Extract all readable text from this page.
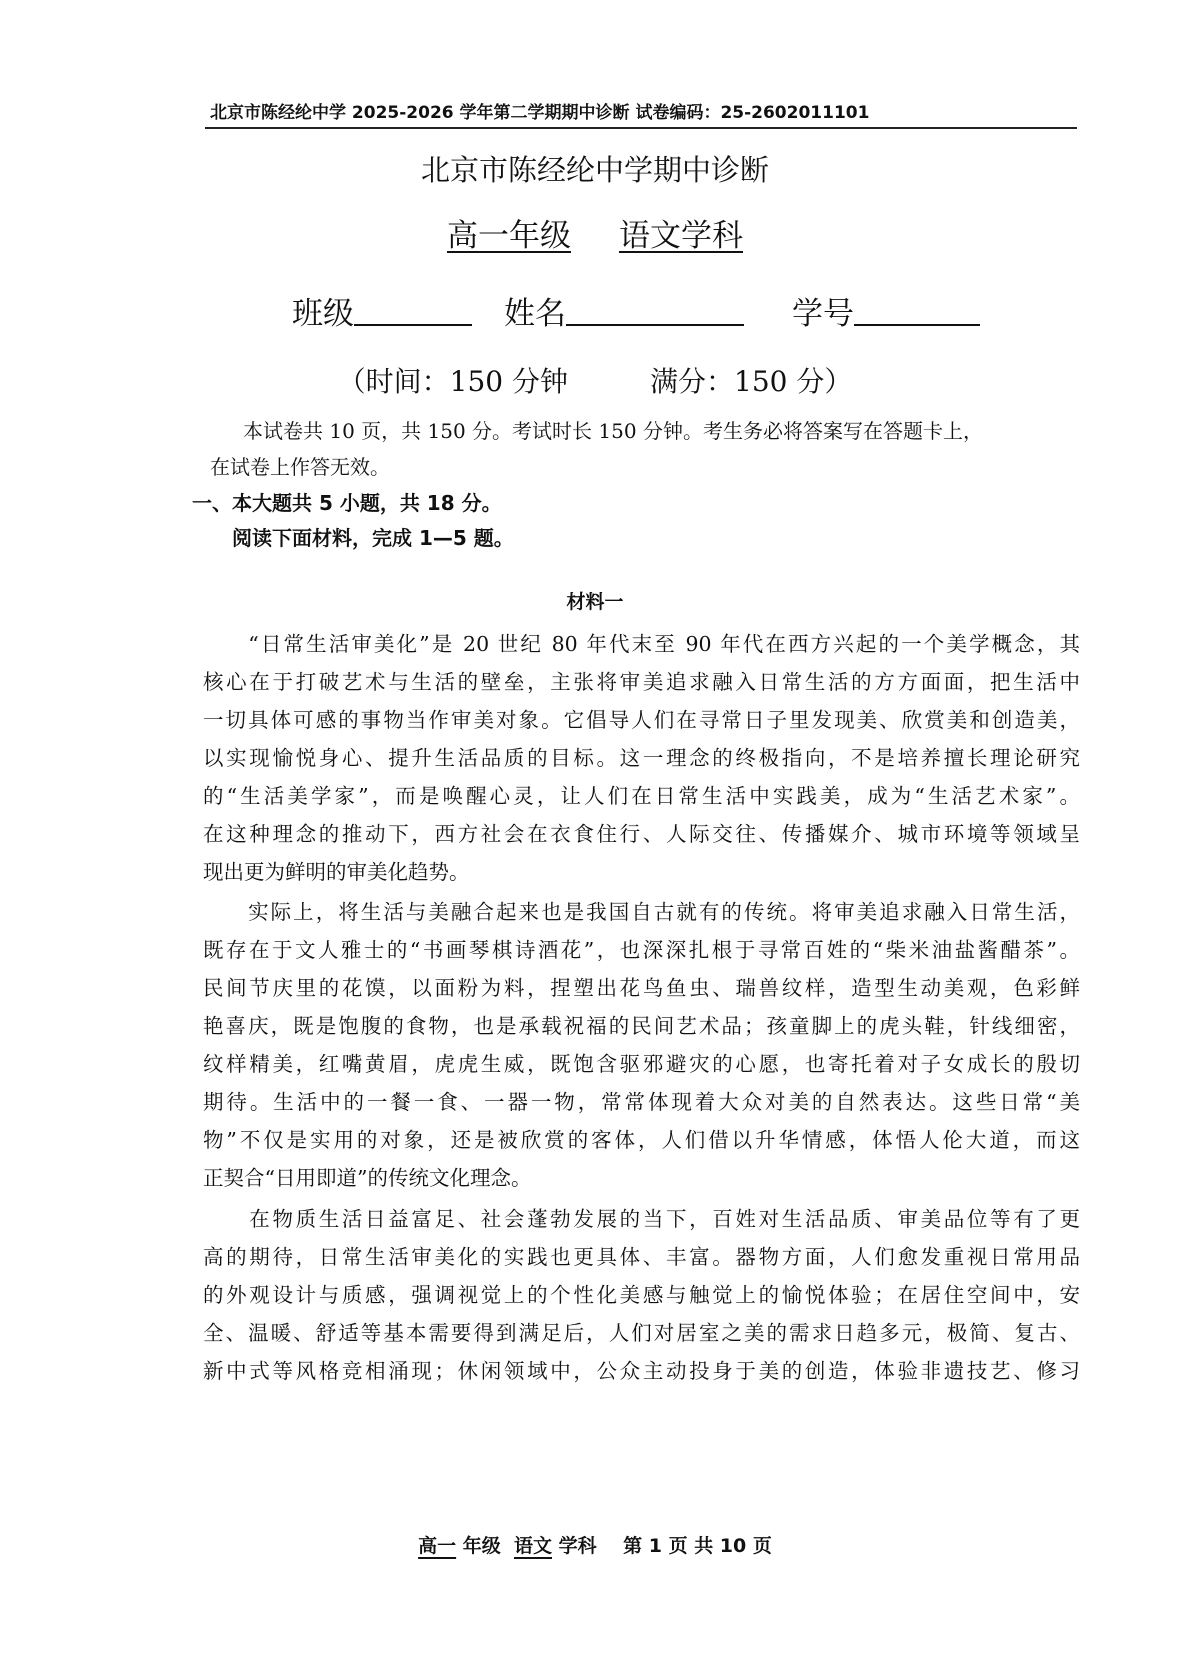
北京市陈经纶中学 2025-2026 学年第二学期期中诊断 试卷编码：25-2602011101
北京市陈经纶中学期中诊断
高一年级 语文学科
班级	姓名	学号
（时间：150 分钟	满分：150 分）
本试卷共 10 页，共 150 分。考试时长 150 分钟。考生务必将答案写在答题卡上，
在试卷上作答无效。
一、本大题共 5 小题，共 18 分。
阅读下面材料，完成 1—5 题。
材料一
　　“日常生活审美化”是 20 世纪 80 年代末至 90 年代在西方兴起的一个美学概念，其
核心在于打破艺术与生活的壁垒，主张将审美追求融入日常生活的方方面面，把生活中
一切具体可感的事物当作审美对象。它倡导人们在寻常日子里发现美、欣赏美和创造美，
以实现愉悦身心、提升生活品质的目标。这一理念的终极指向，不是培养擅长理论研究
的“生活美学家”，而是唤醒心灵，让人们在日常生活中实践美，成为“生活艺术家”。
在这种理念的推动下，西方社会在衣食住行、人际交往、传播媒介、城市环境等领域呈
现出更为鲜明的审美化趋势。
　　实际上，将生活与美融合起来也是我国自古就有的传统。将审美追求融入日常生活，
既存在于文人雅士的“书画琴棋诗酒花”，也深深扎根于寻常百姓的“柴米油盐酱醋茶”。
民间节庆里的花馍，以面粉为料，捏塑出花鸟鱼虫、瑞兽纹样，造型生动美观，色彩鲜
艳喜庆，既是饱腹的食物，也是承载祝福的民间艺术品；孩童脚上的虎头鞋，针线细密，
纹样精美，红嘴黄眉，虎虎生威，既饱含驱邪避灾的心愿，也寄托着对子女成长的殷切
期待。生活中的一餐一食、一器一物，常常体现着大众对美的自然表达。这些日常“美
物”不仅是实用的对象，还是被欣赏的客体，人们借以升华情感，体悟人伦大道，而这
正契合“日用即道”的传统文化理念。
　　在物质生活日益富足、社会蓬勃发展的当下，百姓对生活品质、审美品位等有了更
高的期待，日常生活审美化的实践也更具体、丰富。器物方面，人们愈发重视日常用品
的外观设计与质感，强调视觉上的个性化美感与触觉上的愉悦体验；在居住空间中，安
全、温暖、舒适等基本需要得到满足后，人们对居室之美的需求日趋多元，极简、复古、
新中式等风格竞相涌现；休闲领域中，公众主动投身于美的创造，体验非遗技艺、修习
高一 年级 语文 学科 第 1 页 共 10 页
